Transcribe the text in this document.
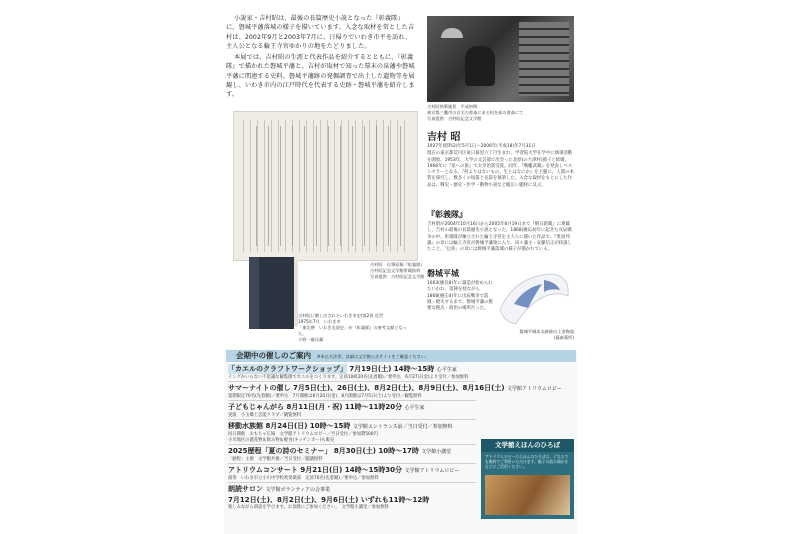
小説家・吉村昭は、最後の長篇歴史小説となった『彰義隊』に、磐城平藩落城の様子を描いています。入念な取材を常とした吉村は、2002年9月と2003年7月に、日帰りでいわき市平を訪れ、主人公となる輪王寺宮ゆかりの地をたどりました。

本展では、吉村昭の生涯と代表作品を紹介するとともに、『彰義隊』で描かれた磐城平藩と、吉村が取材で知った幕末の泉藩や磐城平藩に関連する史料、磐城平藩跡の発掘調査で出土した遺物等を展観し、いわき市内の江戸時代を代表する史跡・磐城平藩を紹介します。

吉村昭執筆風景　平成初期
東京都三鷹市の自宅の書斎にある机を前の書斎にて
写真提供：吉村昭記念文学館
吉村 昭

1927年(昭和2)年5月1日～2006年(平成18)年7月31日

現在の東京都荒川区東日暮里六丁目生まれ。学習院大学在学中に執筆活動を開始。1953年、大学の文芸部で出会った北原(のち津村)節子と結婚。1966年に『星への旅』で太宰治賞受賞。同年、『戦艦武蔵』を発表しベストセラーとなる。『何よりはないもの、生とはなにか』を主題に、人間の本質を探究し、数多くの短篇と長篇を執筆した。入念な取材をもとにした作品は、戦史・歴史・医学・動物小説など幅広い題材に及ぶ。

吉村昭　自筆原稿『彰義隊』
吉村昭記念文学館所蔵資料
写真提供：吉村昭記念文学館
『彰義隊』

吉村昭が2004年10月16日から2005年8月19日まで『朝日新聞』に連載し、吉村の最後の長篇歴史小説となった。1868(慶応4)年に起きた戊辰戦争の中、彰義隊が擁立された輪王寺宮を主人公に描いた作品で、『奥羽列藩』の章には輪王寺宮が磐城平藩領に入り、田々藩主・安藤信正が拝謁したこと、「伝佐」の章には磐城平藩落城の様子が描かれている。

吉村昭に贈し出されたいわき市史(第2巻 近世
1975年7月　いわき市
「東北寮　いわき北面史」が『彰義隊』の参考文献となった。
小野一雄氏蔵
磐城平城

1603(慶長8)年に築造が始められたいわれ、落陣を経ながら1868(慶応4)年に戊辰戦争で落城・焼失するまで、磐城平藩の拠要な拠点・政治の場所だった。

磐城平城本丸跡跡出土金陶器
(藤森薬所)
会期中の催しのご案内 ※申込方法等、詳細は文学館公式サイトをご確認ください。
「カエルのクラフトワークショップ」 7月19日(土) 14時～15時 心平生家
イングかいらない不思議な観覧園でカエルをつくります。定員10組20名(先着順)／要申込　6月27日(金)より受付／参加無料
サマーナイトの催し 7月5日(土)、26日(土)、8月2日(土)、8月9日(土)、8月16日(土) 文学館アトリウムロビー
夏期限定70名(先着順)／要申込　7月開催は6月20日(金)、8月開催は7月5日(土)より受付／観覧無料
子どもじゃんがら 8月11日(月・祝) 11時～11時20分 心平生家
実演　小玉郷土芸能クラブ／観覧無料
移動水族館 8月24日(日) 10時～15時 文学館エントランス前／当日受付／参加無料
同日開催　おもちゃ広場　文学館アトリウムロビー／当日受付／参加費500円
小川地区の農産物＆飲み物＆軽食(キッチンカー)も販売
2025歴程「夏の詩のセミナー」 8月30日(土) 10時～17時 文学館小講堂
「歴程」主催　文学館共催／当日受付／聴講無料
アトリウムコンサート 9月21日(日) 14時～15時30分 文学館アトリウムロビー
演奏　いわき市立小川中学校吹奏楽部　定員70名(先着順)／要申込／参加無料
朗読サロン 文学館ボランティアの会事業
7月12日(土)、8月2日(土)、9月6日(土) いずれも11時～12時
楽しみながら朗読を学びます。お気軽にご参加ください。　文学館小講堂／参加無料
文学館えほんのひろば
アトリウムロビーのえほんのひろばは、どなたでも無料でご利用いただけます。親子の読み聞かせなどにご活用ください。
